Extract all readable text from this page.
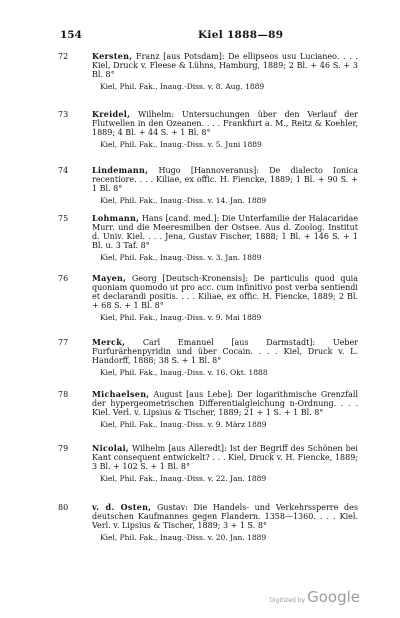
154	Kiel 1888—89
72	Kersten, Franz [aus Potsdam]: De ellipseos usu Lucianeo. . . . Kiel, Druck v. Fleese & Lühns, Hamburg, 1889; 2 Bl. + 46 S. + 3 Bl. 8°
Kiel, Phil. Fak., Inaug.-Diss. v. 8. Aug. 1889
73	Kreidel, Wilhelm: Untersuchungen über den Verlauf der Flutwellen in den Ozeanen. . . . Frankfurt a. M., Reitz & Koehler, 1889; 4 Bl. + 44 S. + 1 Bl. 8°
Kiel, Phil. Fak., Inaug.-Diss. v. 5. Juni 1889
74	Lindemann, Hugo [Hannoveranus]: De dialecto Ionica recentiore. . . . Kiliae, ex offic. H. Fiencke, 1889; 1 Bl. + 90 S. + 1 Bl. 8°
Kiel, Phil. Fak., Inaug.-Diss. v. 14. Jan. 1889
75	Lohmann, Hans [cand. med.]: Die Unterfamilie der Halacaridae Murr. und die Meeresmilben der Ostsee. Aus d. Zoolog. Institut d. Univ. Kiel. . . . Jena, Gustav Fischer, 1888; 1 Bl. + 146 S. + 1 Bl. u. 3 Taf. 8°
Kiel, Phil. Fak., Inaug.-Diss. v. 3. Jan. 1889
76	Mayen, Georg [Deutsch-Kronensis]: De particulis quod quia quoniam quomodo ut pro acc. cum infinitivo post verba sentiendi et declarandi positis. . . . Kiliae, ex offic. H. Fiencke, 1889; 2 Bl. + 68 S. + 1 Bl. 8°
Kiel, Phil. Fak., Inaug.-Diss. v. 9. Mai 1889
77	Merck, Carl Emanuel [aus Darmstadt]: Ueber Furfurärhenpyridin und über Cocain. . . . Kiel, Druck v. L. Handorff, 1888; 38 S. + 1 Bl. 8°
Kiel, Phil. Fak., Inaug.-Diss. v. 16. Okt. 1888
78	Michaelsen, August [aus Lebe]: Der logarithmische Grenzfall der hypergeometrischen Differentialgleichung n-Ordnung. . . . Kiel. Verl. v. Lipsius & Tischer, 1889; 21 + 1 S. + 1 Bl. 8°
Kiel, Phil. Fak., Inaug.-Diss. v. 9. März 1889
79	Nicolai, Wilhelm [aus Alleredt]: Ist der Begriff des Schönen bei Kant consequent entwickelt? . . . Kiel, Druck v. H. Fiencke, 1889; 3 Bl. + 102 S. + 1 Bl. 8°
Kiel, Phil. Fak., Inaug.-Diss. v. 22. Jan. 1889
80	v. d. Osten, Gustav: Die Handels- und Verkehrssperre des deutschen Kaufmannes gegen Flandern. 1358—1360. . . . Kiel. Verl. v. Lipsius & Tischer, 1889; 3 + 1 S. 8°
Kiel, Phil. Fak., Inaug.-Diss. v. 20. Jan. 1889
Digitized by Google
